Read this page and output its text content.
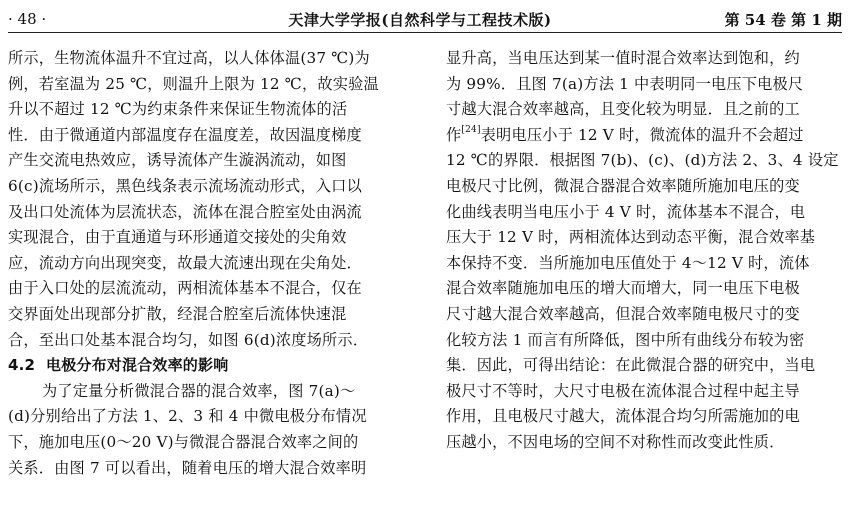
· 48 ·	天津大学学报(自然科学与工程技术版)	第 54 卷 第 1 期
所示，生物流体温升不宜过高，以人体体温(37 ℃)为
例，若室温为 25 ℃，则温升上限为 12 ℃，故实验温
升以不超过 12 ℃为约束条件来保证生物流体的活
性．由于微通道内部温度存在温度差，故因温度梯度
产生交流电热效应，诱导流体产生漩涡流动，如图
6(c)流场所示，黑色线条表示流场流动形式，入口以
及出口处流体为层流状态，流体在混合腔室处由涡流
实现混合，由于直通道与环形通道交接处的尖角效
应，流动方向出现突变，故最大流速出现在尖角处．
由于入口处的层流流动，两相流体基本不混合，仅在
交界面处出现部分扩散，经混合腔室后流体快速混
合，至出口处基本混合均匀，如图 6(d)浓度场所示．
4.2 电极分布对混合效率的影响
为了定量分析微混合器的混合效率，图 7(a)～
(d)分别给出了方法 1、2、3 和 4 中微电极分布情况
下，施加电压(0～20 V)与微混合器混合效率之间的
关系．由图 7 可以看出，随着电压的增大混合效率明
显升高，当电压达到某一值时混合效率达到饱和，约
为 99%．且图 7(a)方法 1 中表明同一电压下电极尺
寸越大混合效率越高，且变化较为明显．且之前的工
作[24]表明电压小于 12 V 时，微流体的温升不会超过
12 ℃的界限．根据图 7(b)、(c)、(d)方法 2、3、4 设定
电极尺寸比例，微混合器混合效率随所施加电压的变
化曲线表明当电压小于 4 V 时，流体基本不混合，电
压大于 12 V 时，两相流体达到动态平衡，混合效率基
本保持不变．当所施加电压值处于 4～12 V 时，流体
混合效率随施加电压的增大而增大，同一电压下电极
尺寸越大混合效率越高，但混合效率随电极尺寸的变
化较方法 1 而言有所降低，图中所有曲线分布较为密
集．因此，可得出结论：在此微混合器的研究中，当电
极尺寸不等时，大尺寸电极在流体混合过程中起主导
作用，且电极尺寸越大，流体混合均匀所需施加的电
压越小，不因电场的空间不对称性而改变此性质．
